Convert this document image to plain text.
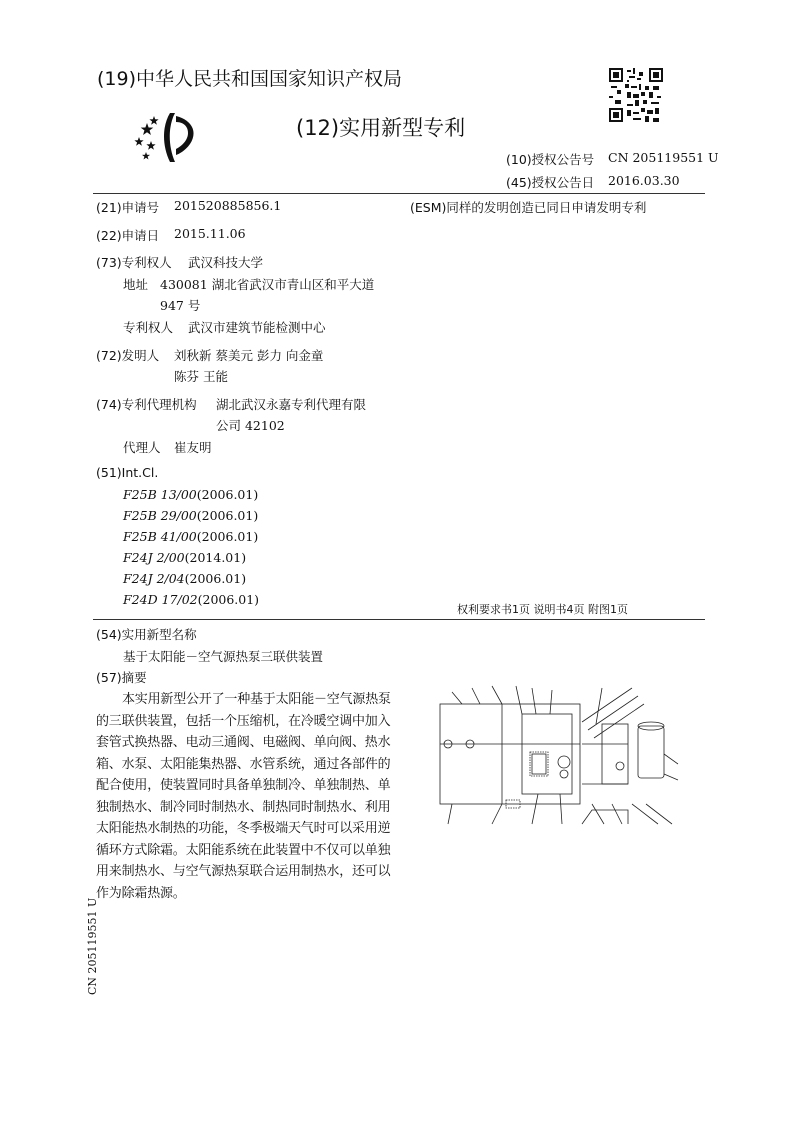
(19)中华人民共和国国家知识产权局
(12)实用新型专利
(10)授权公告号 CN 205119551 U
(45)授权公告日 2016.03.30
(21)申请号 201520885856.1	(ESM)同样的发明创造已同日申请发明专利
(22)申请日 2015.11.06
(73)专利权人 武汉科技大学
地址 430081 湖北省武汉市青山区和平大道
947 号
专利权人 武汉市建筑节能检测中心
(72)发明人 刘秋新 蔡美元 彭力 向金童
陈芬 王能
(74)专利代理机构 湖北武汉永嘉专利代理有限
公司 42102
代理人 崔友明
(51)Int.Cl.
F25B 13/00(2006.01)
F25B 29/00(2006.01)
F25B 41/00(2006.01)
F24J 2/00(2014.01)
F24J 2/04(2006.01)
F24D 17/02(2006.01)
权利要求书1页 说明书4页 附图1页
(54)实用新型名称
基于太阳能－空气源热泵三联供装置
(57)摘要
本实用新型公开了一种基于太阳能－空气源热泵的三联供装置，包括一个压缩机，在冷暖空调中加入套管式换热器、电动三通阀、电磁阀、单向阀、热水箱、水泵、太阳能集热器、水管系统，通过各部件的配合使用，使装置同时具备单独制冷、单独制热、单独制热水、制冷同时制热水、制热同时制热水、利用太阳能热水制热的功能，冬季极端天气时可以采用逆循环方式除霜。太阳能系统在此装置中不仅可以单独用来制热水、与空气源热泵联合运用制热水，还可以作为除霜热源。
CN 205119551 U
